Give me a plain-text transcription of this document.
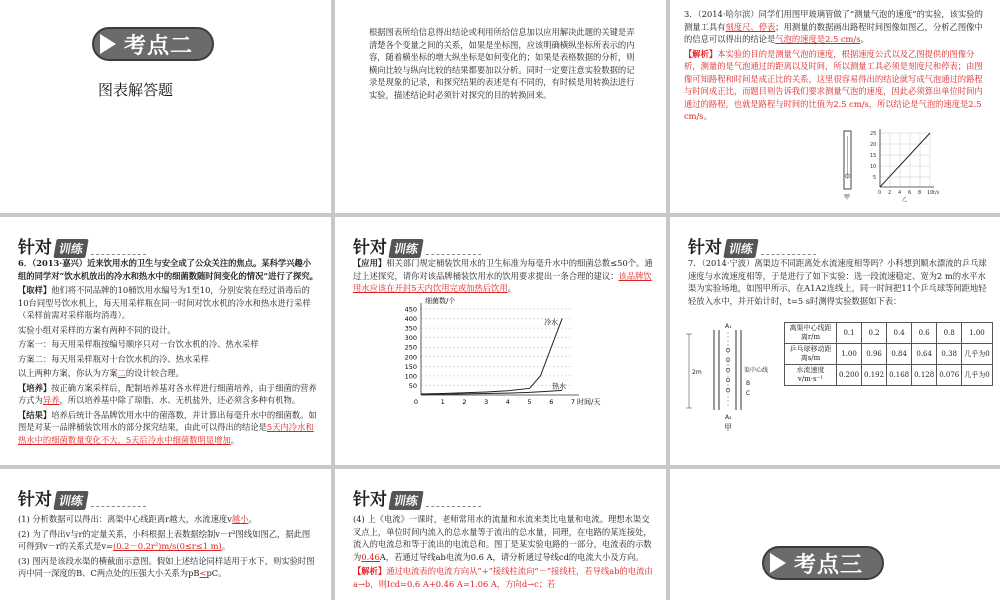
考点二
图表解答题
根据图表所给信息得出结论或利用所给信息加以应用解决此题的关键是弄清楚各个变量之间的关系，如果是坐标图，应该明确横纵坐标所表示的内容，随着横坐标的增大纵坐标是如何变化的；如果是表格数据的分析，则横向比较与纵向比较的结果都要加以分析。同时一定要注意实验数据的记录是现象的记录，和探究结果的表述是有不同的，有时候是用转换法进行实验，描述结论时必须针对探究的目的转换回来。

3．（2014·哈尔滨）同学们用图甲玻璃管做了“测量气泡的速度”的实验，该实验的测量工具有刻度尺、停表；用测量的数据画出路程时间图像如图乙，分析乙图像中的信息可以得出的结论是气泡的速度是2.5 cm/s。

【解析】本实验的目的是测量气泡的速度，根据速度公式以及乙图提供的图像分析，测量的是气泡通过的距离以及时间，所以测量工具必须是刻度尺和停表；由图像可知路程和时间是成正比的关系，这里很容易得出的结论就写成气泡通过的路程与时间成正比，而题目则告诉我们要求测量气泡的速度，因此必须算出单位时间内通过的路程，也就是路程与时间的比值为2.5 cm/s，所以结论是气泡的速度是2.5 cm/s。

甲
25
20
15
10
5
0 2 4 6 8 10 t/s
乙
针对 训练

6．（2013·嘉兴）近来饮用水的卫生与安全成了公众关注的焦点。某科学兴趣小组的同学对“饮水机放出的冷水和热水中的细菌数随时间变化的情况”进行了探究。

【取样】他们将不同品牌的10桶饮用水编号为1至10，分别安装在经过消毒后的10台同型号饮水机上，每天用采样瓶在同一时间对饮水机的冷水和热水进行采样（采样前需对采样瓶均消毒）。

实验小组对采样的方案有两种不同的设计。

方案一：每天用采样瓶按编号顺序只对一台饮水机的冷、热水采样

方案二：每天用采样瓶对十台饮水机的冷、热水采样

以上两种方案，你认为方案二的设计较合理。

【培养】按正确方案采样后，配制培养基对各水样进行细菌培养，由于细菌的营养方式为异养，所以培养基中除了琼脂、水、无机盐外，还必须含多种有机物。

【结果】培养后统计各品牌饮用水中的菌落数，并计算出每毫升水中的细菌数。如图是对某一品牌桶装饮用水的部分探究结果，由此可以得出的结论是5天内冷水和热水中的细菌数量变化不大，5天后冷水中细菌数明显增加。

针对 训练

【应用】相关部门规定桶装饮用水的卫生标准为每毫升水中的细菌总数≤50个。通过上述探究，请你对该品牌桶装饮用水的饮用要求提出一条合理的建议：该品牌饮用水应该在开封5天内饮用完或加热后饮用。

细菌数/个
时间/天
50
100
150
200
250
300
350
400
450
1	2	3	4	5	6	7
0
冷水
热水
针对 训练

7．（2014·宁波）离渠边不同距离处水流速度相等吗？小科想到顺水漂流的乒乓球速度与水流速度相等，于是进行了如下实验：选一段流速稳定、宽为2 m的水平水渠为实验场地，如图甲所示，在A1A2连线上，同一时间把11个乒乓球等间距地轻轻放入水中，并开始计时，t=5 s时测得实验数据如下表：

A₁
A₂
2m	渠中心线
B
C
甲
离渠中心线距离r/m	0.1	0.2	0.4	0.6	0.8	1.00
乒乓球移动距离s/m	1.00	0.96	0.84	0.64	0.38	几乎为0
水流速度v/m·s⁻¹	0.200	0.192	0.168	0.128	0.076	几乎为0
针对 训练

(1) 分析数据可以得出：离渠中心线距离r越大，水流速度v越小。

(2) 为了得出v与r的定量关系，小科根据上表数据绘制v－r²图线如图乙，据此图可得到v－r的关系式是v=(0.2－0.2r²)m/s(0≤r≤1 m)。

(3) 图丙是该段水渠的横截面示意图。假如上述结论同样适用于水下，则实验时图丙中同一深度的B、C两点处的压强大小关系为pB<pC。

针对 训练

(4) 上《电流》一课时，老师常用水的流量和水流来类比电量和电流。理想水渠交叉点上，单位时间内流入的总水量等于流出的总水量，同理，在电路的某连接处，流入的电流总和等于流出的电流总和。图丁是某实验电路的一部分，电流表的示数为0.46A，若通过导线ab电流为0.6 A，请分析通过导线cd的电流大小及方向。

【解析】通过电流表的电流方向从“+”接线柱流向“－”接线柱，若导线ab的电流由a→b，则Icd=0.6 A+0.46 A=1.06 A，方向d→c；若

考点三
